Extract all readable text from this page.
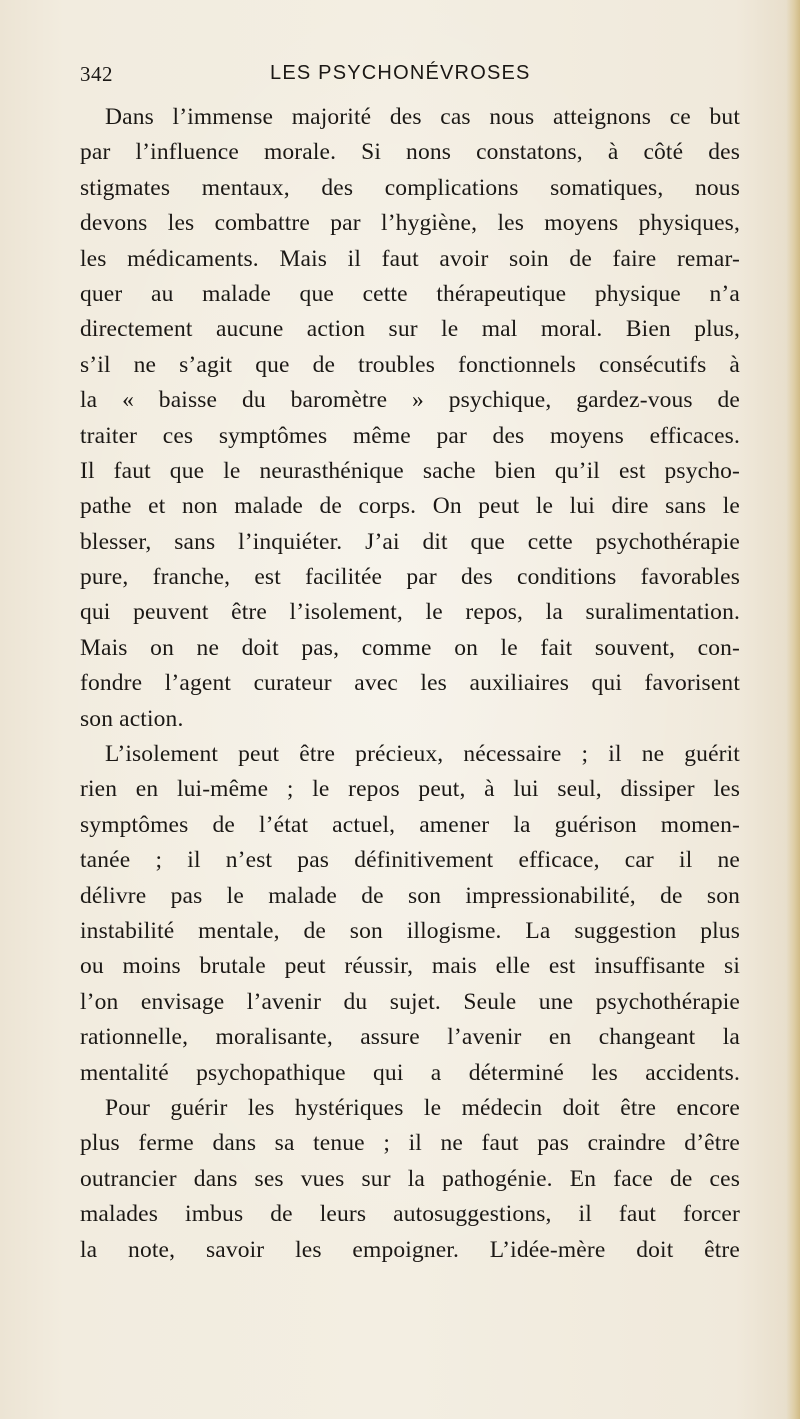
342	LES PSYCHONÉVROSES
Dans l’immense majorité des cas nous atteignons ce but
par l’influence morale. Si nons constatons, à côté des
stigmates mentaux, des complications somatiques, nous
devons les combattre par l’hygiène, les moyens physiques,
les médicaments. Mais il faut avoir soin de faire remar-
quer au malade que cette thérapeutique physique n’a
directement aucune action sur le mal moral. Bien plus,
s’il ne s’agit que de troubles fonctionnels consécutifs à
la « baisse du baromètre » psychique, gardez-vous de
traiter ces symptômes même par des moyens efficaces.
Il faut que le neurasthénique sache bien qu’il est psycho-
pathe et non malade de corps. On peut le lui dire sans le
blesser, sans l’inquiéter. J’ai dit que cette psychothérapie
pure, franche, est facilitée par des conditions favorables
qui peuvent être l’isolement, le repos, la suralimentation.
Mais on ne doit pas, comme on le fait souvent, con-
fondre l’agent curateur avec les auxiliaires qui favorisent
son action.
L’isolement peut être précieux, nécessaire ; il ne guérit
rien en lui-même ; le repos peut, à lui seul, dissiper les
symptômes de l’état actuel, amener la guérison momen-
tanée ; il n’est pas définitivement efficace, car il ne
délivre pas le malade de son impressionabilité, de son
instabilité mentale, de son illogisme. La suggestion plus
ou moins brutale peut réussir, mais elle est insuffisante si
l’on envisage l’avenir du sujet. Seule une psychothérapie
rationnelle, moralisante, assure l’avenir en changeant la
mentalité psychopathique qui a déterminé les accidents.
Pour guérir les hystériques le médecin doit être encore
plus ferme dans sa tenue ; il ne faut pas craindre d’être
outrancier dans ses vues sur la pathogénie. En face de ces
malades imbus de leurs autosuggestions, il faut forcer
la note, savoir les empoigner. L’idée-mère doit être
